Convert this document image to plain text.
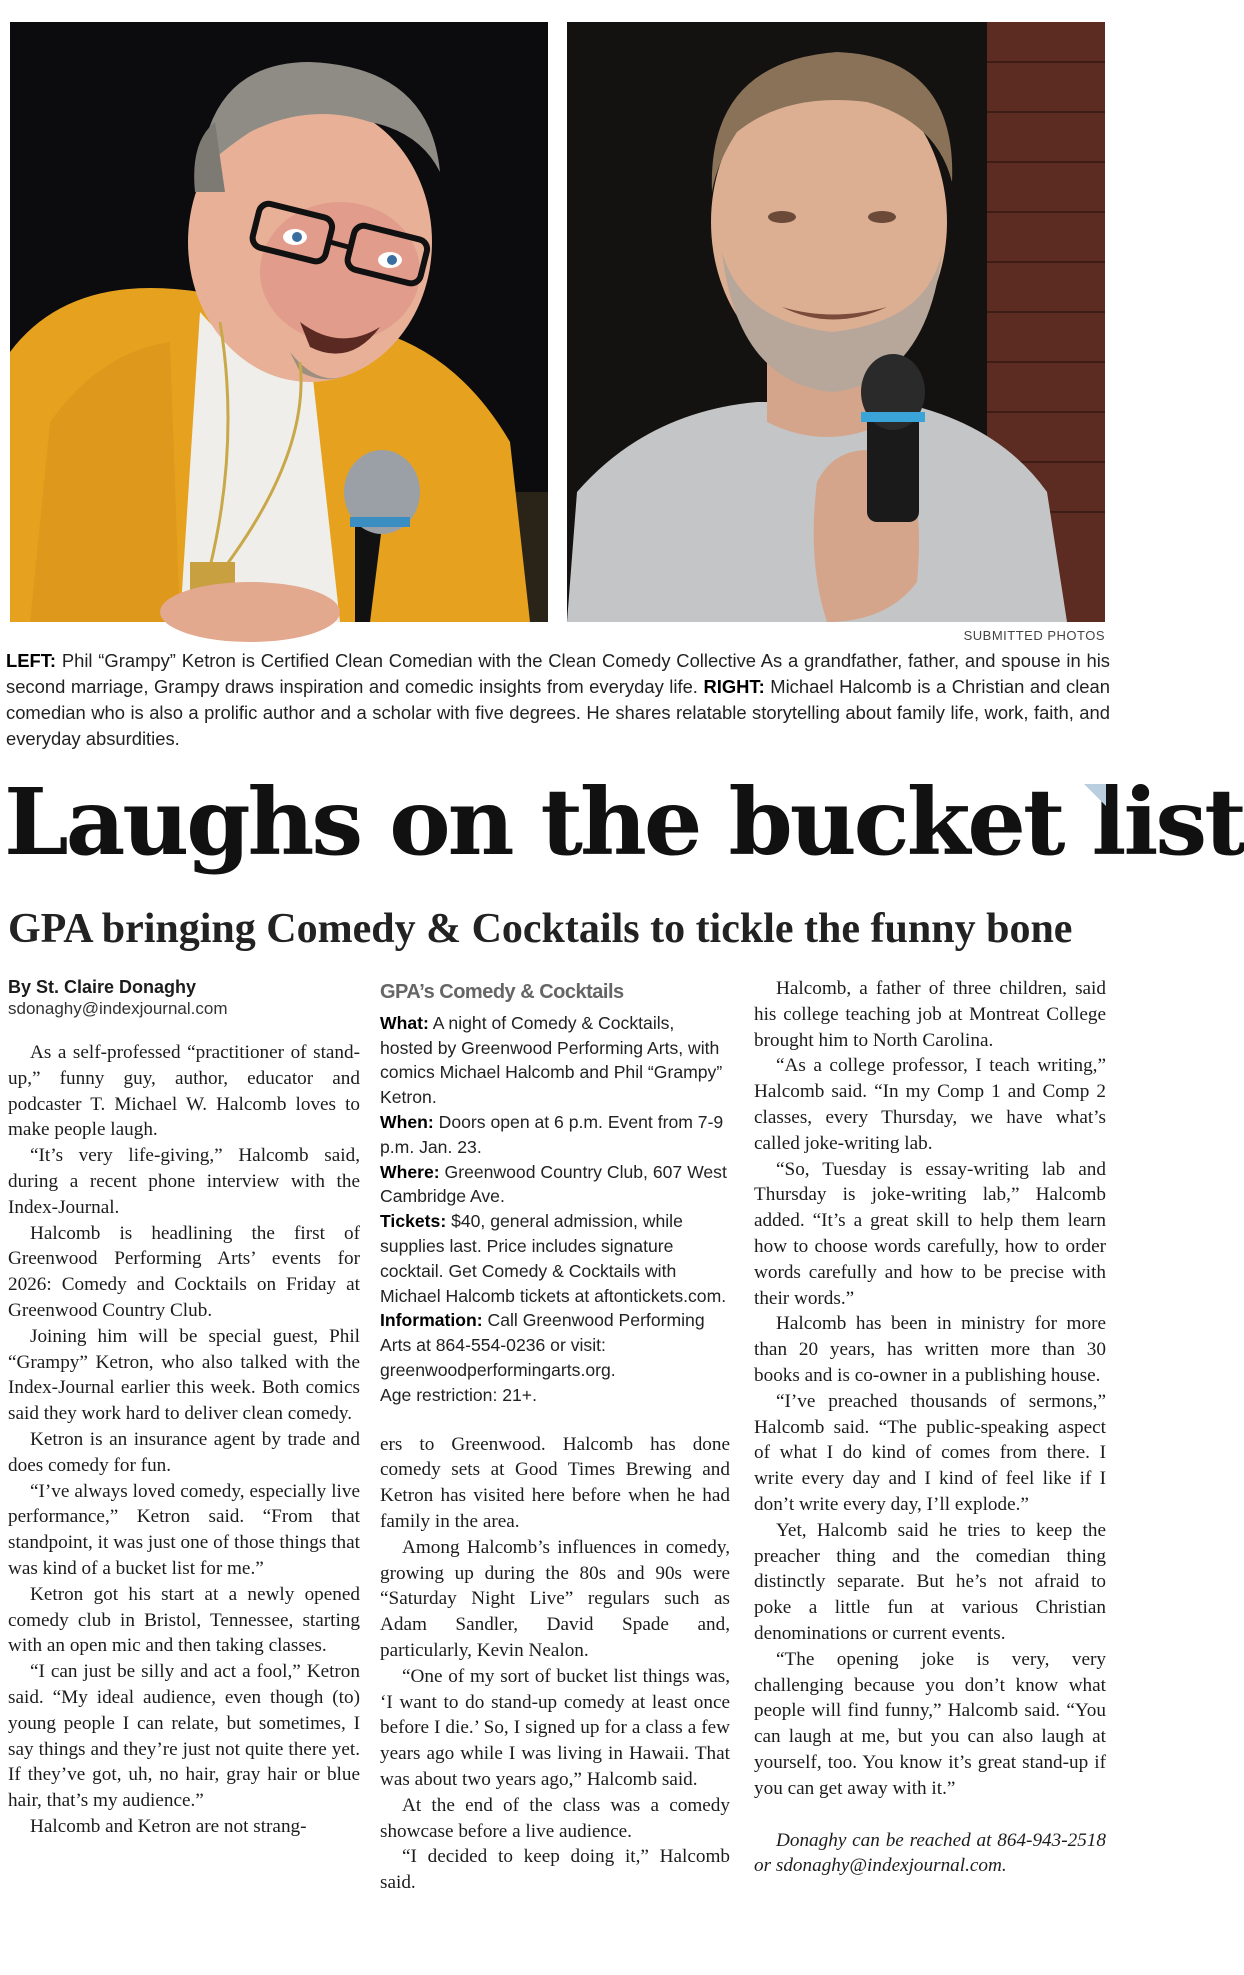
SUBMITTED PHOTOS

LEFT: Phil “Grampy” Ketron is Certified Clean Comedian with the Clean Comedy Collective As a grandfather, father, and spouse in his second marriage, Grampy draws inspiration and comedic insights from everyday life. RIGHT: Michael Halcomb is a Christian and clean comedian who is also a prolific author and a scholar with five degrees. He shares relatable storytelling about family life, work, faith, and everyday absurdities.

Laughs on the bucket list
GPA bringing Comedy & Cocktails to tickle the funny bone

By St. Claire Donaghy

sdonaghy@indexjournal.com

As a self-professed “practitioner of stand-up,” funny guy, author, educator and podcaster T. Michael W. Halcomb loves to make people laugh.

“It’s very life-giving,” Halcomb said, during a recent phone interview with the Index-Journal.

Halcomb is headlining the first of Greenwood Performing Arts’ events for 2026: Comedy and Cocktails on Friday at Greenwood Country Club.

Joining him will be special guest, Phil “Grampy” Ketron, who also talked with the Index-Journal earlier this week. Both comics said they work hard to deliver clean comedy.

Ketron is an insurance agent by trade and does comedy for fun.

“I’ve always loved comedy, especially live performance,” Ketron said. “From that standpoint, it was just one of those things that was kind of a bucket list for me.”

Ketron got his start at a newly opened comedy club in Bristol, Tennessee, starting with an open mic and then taking classes.

“I can just be silly and act a fool,” Ketron said. “My ideal audience, even though (to) young people I can relate, but sometimes, I say things and they’re just not quite there yet. If they’ve got, uh, no hair, gray hair or blue hair, that’s my audience.”

Halcomb and Ketron are not strang-

GPA’s Comedy & Cocktails
What: A night of Comedy & Cocktails, hosted by Greenwood Performing Arts, with comics Michael Halcomb and Phil “Grampy” Ketron.
When: Doors open at 6 p.m. Event from 7-9 p.m. Jan. 23.
Where: Greenwood Country Club, 607 West Cambridge Ave.
Tickets: $40, general admission, while supplies last. Price includes signature cocktail. Get Comedy & Cocktails with Michael Halcomb tickets at aftontickets.com.
Information: Call Greenwood Performing Arts at 864-554-0236 or visit: greenwoodperformingarts.org.
Age restriction: 21+.

ers to Greenwood. Halcomb has done comedy sets at Good Times Brewing and Ketron has visited here before when he had family in the area.

Among Halcomb’s influences in comedy, growing up during the 80s and 90s were “Saturday Night Live” regulars such as Adam Sandler, David Spade and, particularly, Kevin Nealon.

“One of my sort of bucket list things was, ‘I want to do stand-up comedy at least once before I die.’ So, I signed up for a class a few years ago while I was living in Hawaii. That was about two years ago,” Halcomb said.

At the end of the class was a comedy showcase before a live audience.

“I decided to keep doing it,” Halcomb said.

Halcomb, a father of three children, said his college teaching job at Montreat College brought him to North Carolina.

“As a college professor, I teach writing,” Halcomb said. “In my Comp 1 and Comp 2 classes, every Thursday, we have what’s called joke-writing lab.

“So, Tuesday is essay-writing lab and Thursday is joke-writing lab,” Halcomb added. “It’s a great skill to help them learn how to choose words carefully, how to order words carefully and how to be precise with their words.”

Halcomb has been in ministry for more than 20 years, has written more than 30 books and is co-owner in a publishing house.

“I’ve preached thousands of sermons,” Halcomb said. “The public-speaking aspect of what I do kind of comes from there. I write every day and I kind of feel like if I don’t write every day, I’ll explode.”

Yet, Halcomb said he tries to keep the preacher thing and the comedian thing distinctly separate. But he’s not afraid to poke a little fun at various Christian denominations or current events.

“The opening joke is very, very challenging because you don’t know what people will find funny,” Halcomb said. “You can laugh at me, but you can also laugh at yourself, too. You know it’s great stand-up if you can get away with it.”

Donaghy can be reached at 864-943-2518 or sdonaghy@indexjournal.com.
